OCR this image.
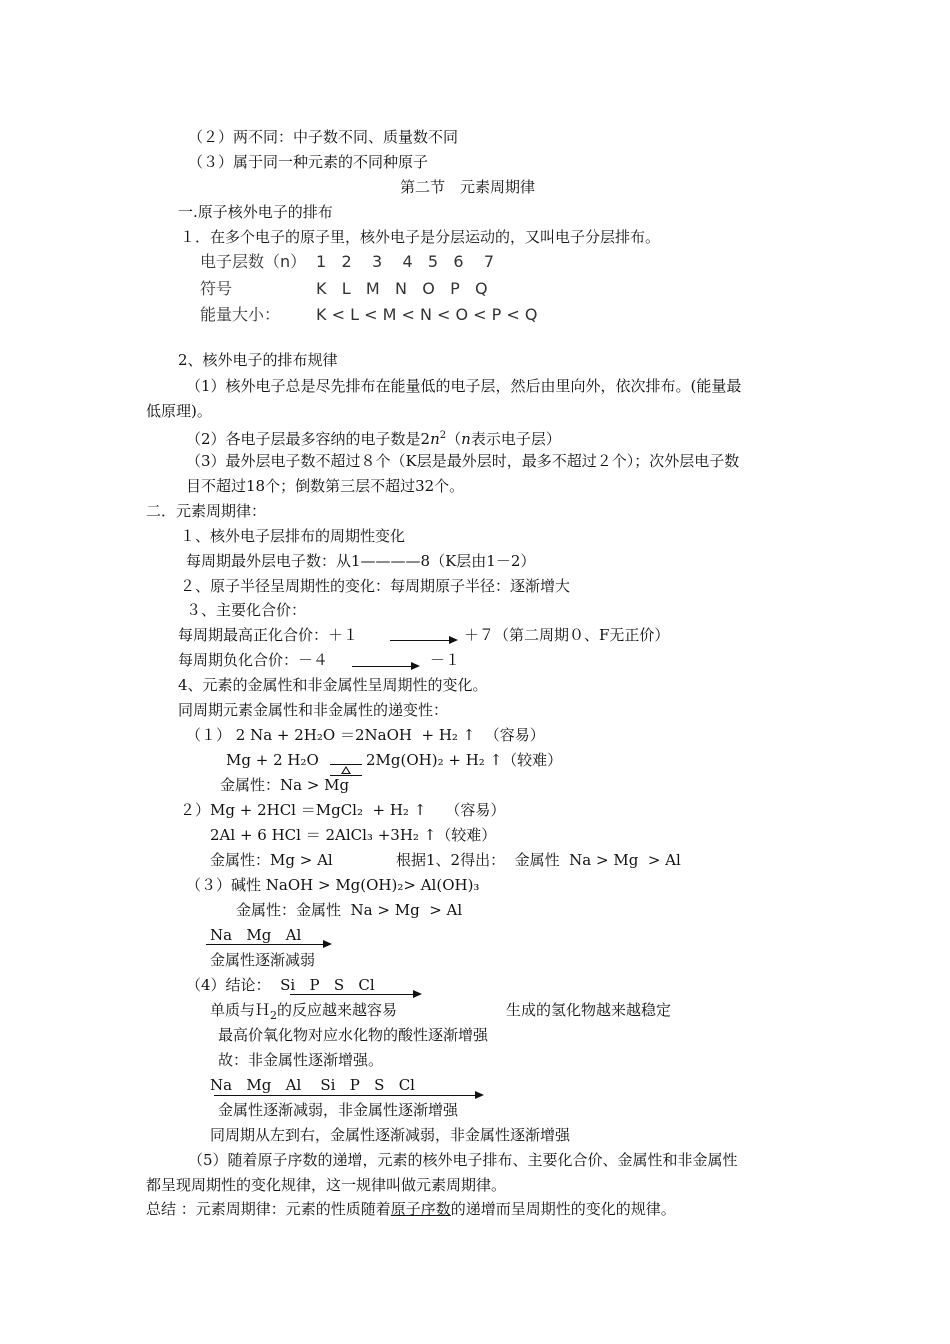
（２）两不同：中子数不同、质量数不同
（３）属于同一种元素的不同种原子
第二节　元素周期律
一.原子核外电子的排布
１．在多个电子的原子里，核外电子是分层运动的，又叫电子分层排布。
电子层数（n） 1   2    3    4   5   6    7
符号	K   L   M   N   O   P   Q
能量大小： K < L < M < N < O < P < Q
2、核外电子的排布规律
（1）核外电子总是尽先排布在能量低的电子层，然后由里向外，依次排布。(能量最
低原理)。
（2）各电子层最多容纳的电子数是$2n^2(n$表示电子层）
（3）最外层电子数不超过８个（K层是最外层时，最多不超过２个）；次外层电子数
目不超过18个；倒数第三层不超过32个。
二．元素周期律：
１、核外电子层排布的周期性变化
每周期最外层电子数：从1————8（K层由1－2）
２、原子半径呈周期性的变化：每周期原子半径：逐渐增大
３、主要化合价：
每周期最高正化合价：＋１	＋７（第二周期０、F无正价）
每周期负化合价：－４	－１
4、元素的金属性和非金属性呈周期性的变化。
同周期元素金属性和非金属性的递变性：
（１） 2 Na + 2H₂O ＝2NaOH  + H₂ ↑  （容易）
Mg + 2 H₂O	2Mg(OH)₂ + H₂ ↑（较难）
金属性：Na > Mg
２）Mg + 2HCl ＝MgCl₂  + H₂ ↑    （容易）
2Al + 6 HCl ＝ 2AlCl₃ +3H₂ ↑（较难）
金属性：Mg > Al	根据1、2得出：  金属性  Na > Mg  > Al
（３）碱性 NaOH > Mg(OH)₂> Al(OH)₃
金属性：金属性  Na > Mg  > Al
Na   Mg   Al
金属性逐渐减弱
（4）结论：  Si   P   S   Cl
单质与Ｈ$_2$的反应越来越容易	生成的氢化物越来越稳定
最高价氧化物对应水化物的酸性逐渐增强
故：非金属性逐渐增强。
Na   Mg   Al    Si   P   S   Cl
金属性逐渐减弱，非金属性逐渐增强
同周期从左到右，金属性逐渐减弱，非金属性逐渐增强
（5）随着原子序数的递增，元素的核外电子排布、主要化合价、金属性和非金属性
都呈现周期性的变化规律，这一规律叫做元素周期律。
总结 ：元素周期律：元素的性质随着原子序数的递增而呈周期性的变化的规律。
